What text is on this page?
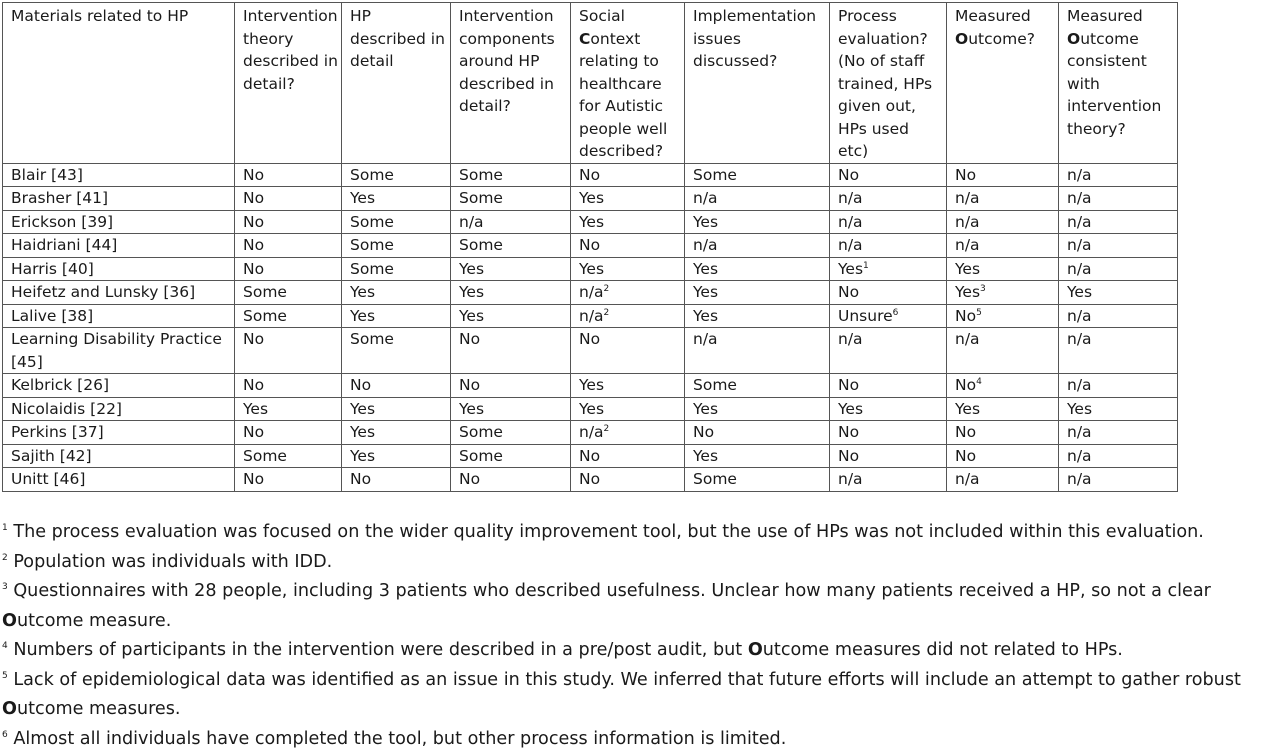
Materials related to HP	Intervention theory described in detail?	HP described in detail	Intervention components around HP described in detail?	Social Context relating to healthcare for Autistic people well described?	Implementation issues discussed?	Process evaluation? (No of staff trained, HPs given out, HPs used etc)	Measured Outcome?	Measured Outcome consistent with intervention theory?
Blair [43]	No	Some	Some	No	Some	No	No	n/a
Brasher [41]	No	Yes	Some	Yes	n/a	n/a	n/a	n/a
Erickson [39]	No	Some	n/a	Yes	Yes	n/a	n/a	n/a
Haidriani [44]	No	Some	Some	No	n/a	n/a	n/a	n/a
Harris [40]	No	Some	Yes	Yes	Yes	Yes$^1$	Yes	n/a
Heifetz and Lunsky [36]	Some	Yes	Yes	$n/a^2$	Yes	No	Yes$^3$	Yes
Lalive [38]	Some	Yes	Yes	$n/a^2$	Yes	Unsure$^6$	No$^5$	n/a
Learning Disability Practice [45]	No	Some	No	No	n/a	n/a	n/a	n/a
Kelbrick [26]	No	No	No	Yes	Some	No	No$^4$	n/a
Nicolaidis [22]	Yes	Yes	Yes	Yes	Yes	Yes	Yes	Yes
Perkins [37]	No	Yes	Some	$n/a^2$	No	No	No	n/a
Sajith [42]	Some	Yes	Some	No	Yes	No	No	n/a
Unitt [46]	No	No	No	No	Some	n/a	n/a	n/a
$^1$ The process evaluation was focused on the wider quality improvement tool, but the use of HPs was not included within this evaluation.
$^2$ Population was individuals with IDD.
$^3$ Questionnaires with 28 people, including 3 patients who described usefulness. Unclear how many patients received a HP, so not a clear Outcome measure.
$^4$ Numbers of participants in the intervention were described in a pre/post audit, but Outcome measures did not related to HPs.
$^5$ Lack of epidemiological data was identified as an issue in this study. We inferred that future efforts will include an attempt to gather robust Outcome measures.
$^6$ Almost all individuals have completed the tool, but other process information is limited.
